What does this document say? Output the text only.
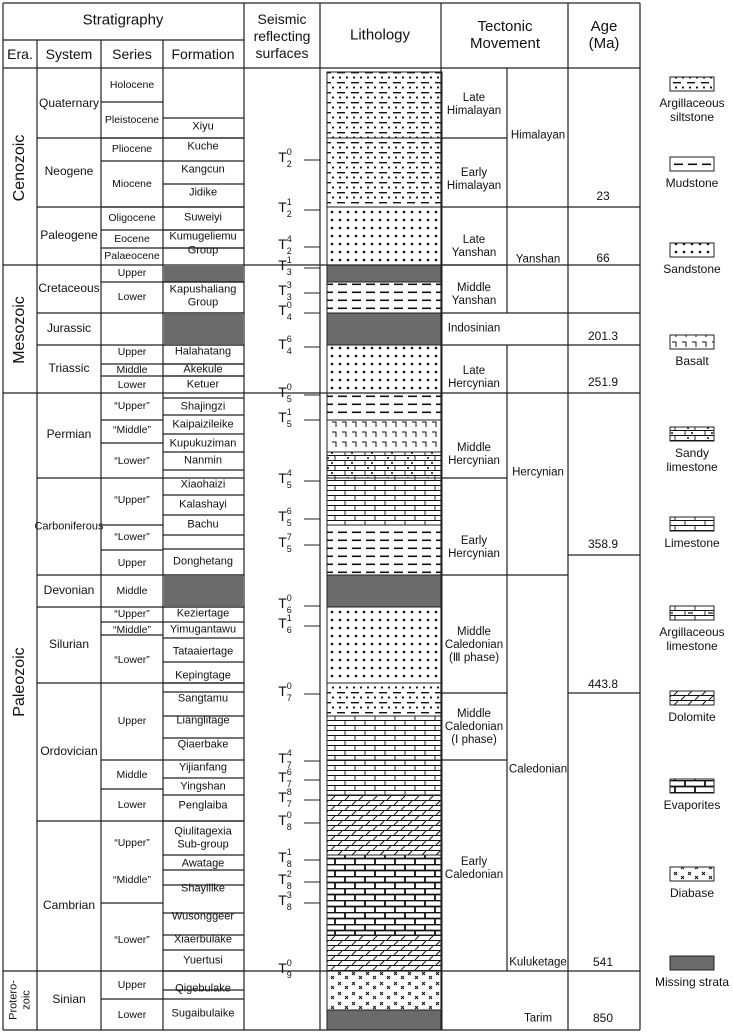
Stratigraphy
Era. System Series Formation
Seismic
reflecting
surfaces
Lithology
Tectonic
Movement
Age
(Ma)
Cenozoic
Mesozoic
Paleozoic
Protero-
zoic
Quaternary
Neogene
Paleogene
Cretaceous
Jurassic
Triassic
Permian
Carboniferous
Devonian
Silurian
Ordovician
Cambrian
Sinian
Holocene
Pleistocene
Pliocene
Miocene
Oligocene
Eocene
Palaeocene
Upper
Lower
Upper
Middle
Lower
“Upper”
“Middle”
“Lower”
“Upper”
“Lower”
Upper
Middle
“Upper”
“Middle”
“Lower”
Upper
Middle
Lower
“Upper”
“Middle”
“Lower”
Upper
Lower
Xiyu
Kuche
Kangcun
Jidike
Suweiyi
Kumugeliemu
Group
Kapushaliang
Group
Halahatang
Akekule
Ketuer
Shajingzi
Kaipaizileike
Kupukuziman
Nanmin
Xiaohaizi
Kalashayi
Bachu
Donghetang
Keziertage
Yimugantawu
Tataaiertage
Kepingtage
Sangtamu
Lianglitage
Qiaerbake
Yijianfang
Yingshan
Penglaiba
Qiulitagexia
Sub-group
Awatage
Shayilike
Wusonggeer
Xiaerbulake
Yuertusi
Qigebulake
Sugaibulaike
$T^0_2$
$T^1_2$
$T^4_2$
$T^1_3$
$T^3_3$
$T^0_4$
$T^6_4$
$T^0_5$
$T^1_5$
$T^4_5$
$T^6_5$
$T^7_5$
$T^0_6$
$T^1_6$
$T^0_7$
$T^4_7$
$T^6_7$
$T^8_7$
$T^0_8$
$T^1_8$
$T^2_8$
$T^3_8$
$T^0_9$
Late
Himalayan
Early
Himalayan
Late
Yanshan
Middle
Yanshan
Indosinian
Late
Hercynian
Middle
Hercynian
Early
Hercynian
Middle
Caledonian
(Ⅲ phase)
Middle
Caledonian
(Ⅰ phase)
Early
Caledonian
Himalayan
Yanshan
Hercynian
Caledonian
Kuluketage
Tarim
23
66
201.3
251.9
358.9
443.8
541
850
Argillaceous
siltstone
Mudstone
Sandstone
Basalt
Sandy
limestone
Limestone
Argillaceous
limestone
Dolomite
Evaporites
Diabase
Missing strata
